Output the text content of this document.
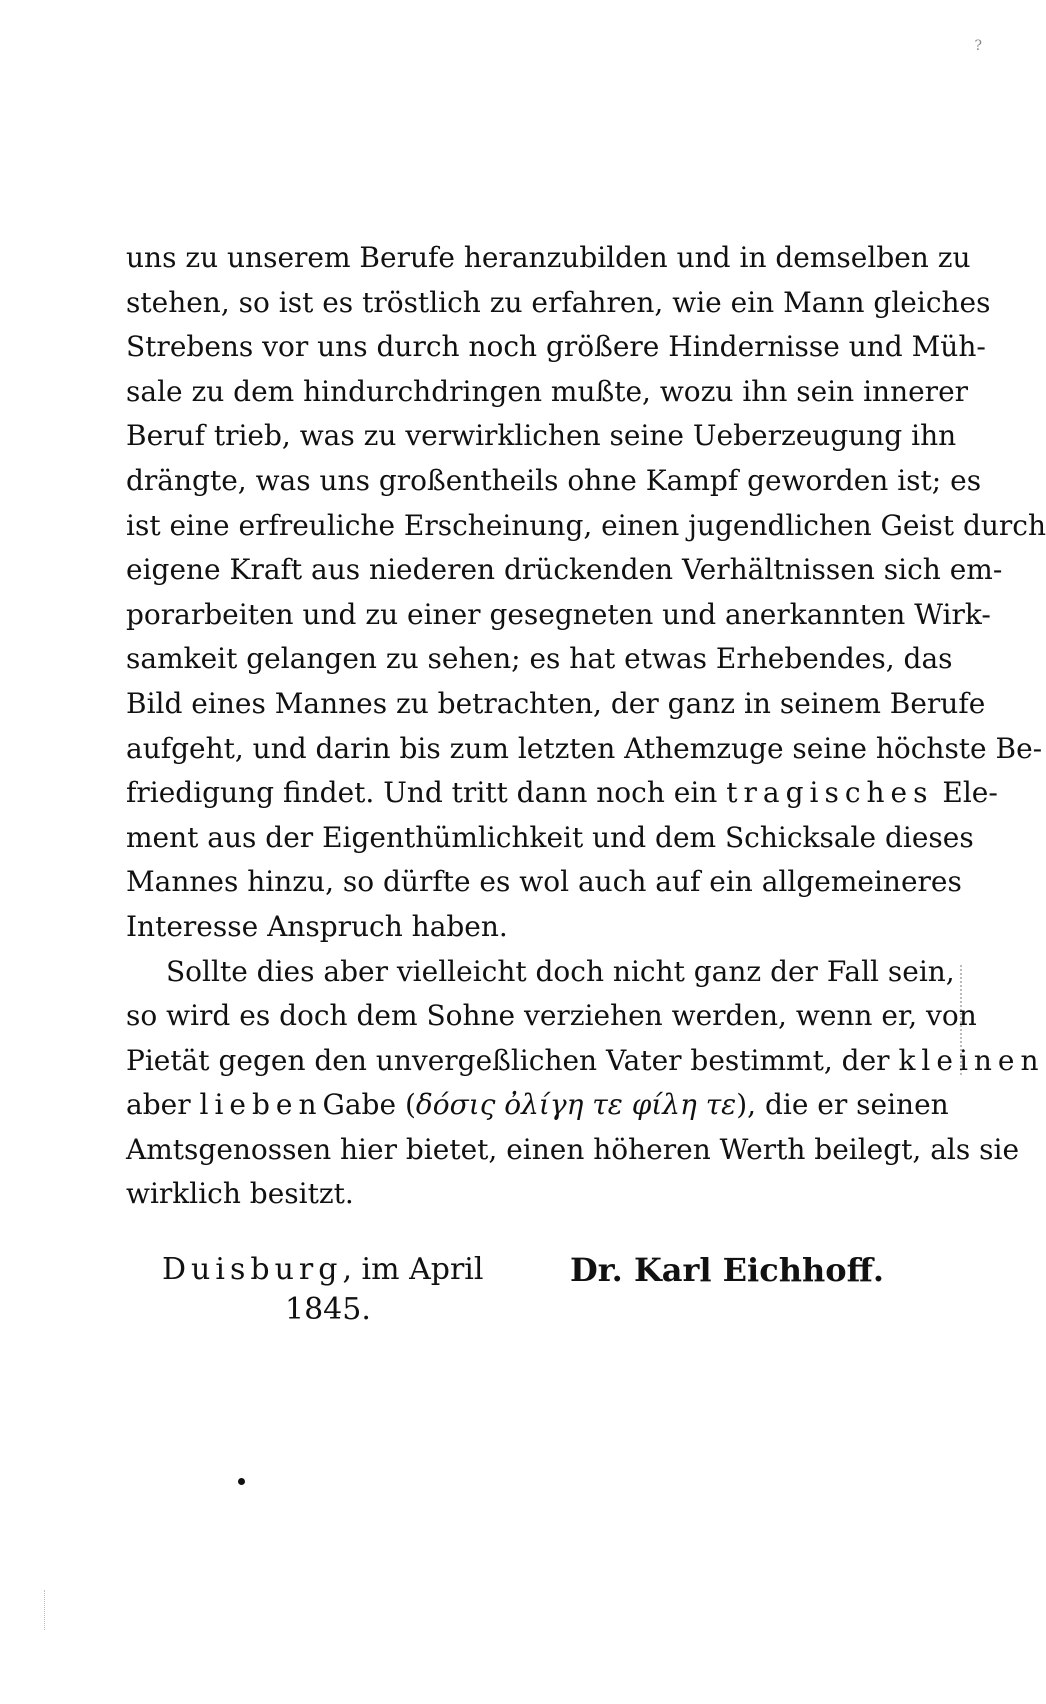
?
uns zu unserem Berufe heranzubilden und in demselben zu
stehen, so ist es tröstlich zu erfahren, wie ein Mann gleiches
Strebens vor uns durch noch größere Hindernisse und Müh-
sale zu dem hindurchdringen mußte, wozu ihn sein innerer
Beruf trieb, was zu verwirklichen seine Ueberzeugung ihn
drängte, was uns großentheils ohne Kampf geworden ist; es
ist eine erfreuliche Erscheinung, einen jugendlichen Geist durch
eigene Kraft aus niederen drückenden Verhältnissen sich em-
porarbeiten und zu einer gesegneten und anerkannten Wirk-
samkeit gelangen zu sehen; es hat etwas Erhebendes, das
Bild eines Mannes zu betrachten, der ganz in seinem Berufe
aufgeht, und darin bis zum letzten Athemzuge seine höchste Be-
friedigung findet. Und tritt dann noch ein tragisches Ele-
ment aus der Eigenthümlichkeit und dem Schicksale dieses
Mannes hinzu, so dürfte es wol auch auf ein allgemeineres
Interesse Anspruch haben.
Sollte dies aber vielleicht doch nicht ganz der Fall sein,
so wird es doch dem Sohne verziehen werden, wenn er, von
Pietät gegen den unvergeßlichen Vater bestimmt, der kleinen
aber liebenGabe (δόσις ὀλίγη τε φίλη τε), die er seinen
Amtsgenossen hier bietet, einen höheren Werth beilegt, als sie
wirklich besitzt.
Duisburg, im April
1845.
Dr. Karl Eichhoff.
